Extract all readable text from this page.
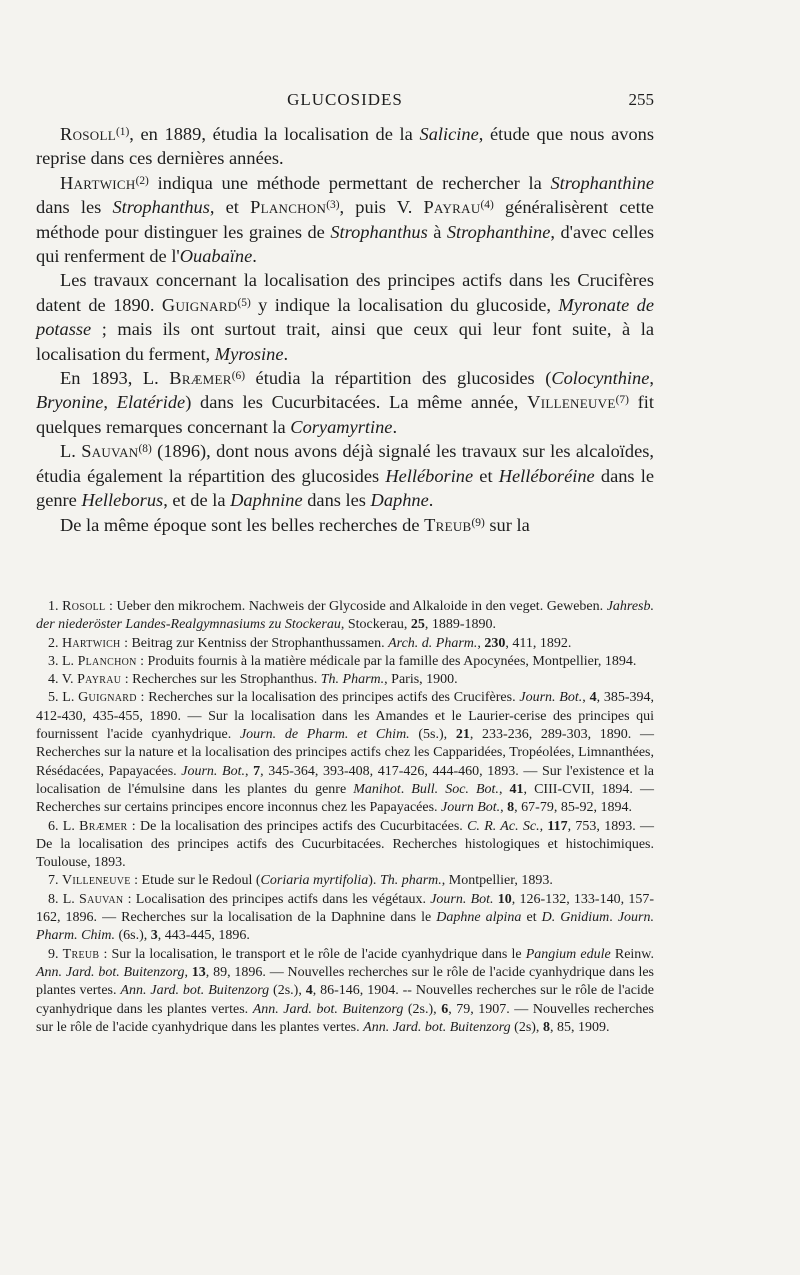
GLUCOSIDES	255

Rosoll$^{(1)}$, en 1889, étudia la localisation de la Salicine, étude que nous avons reprise dans ces dernières années.

Hartwich$^{(2)}$ indiqua une méthode permettant de rechercher la Strophanthine dans les Strophanthus, et Planchon$^{(3)}$, puis V. Payrau$^{(4)}$ généralisèrent cette méthode pour distinguer les graines de Strophanthus à Strophanthine, d'avec celles qui renferment de l'Ouabaïne.

Les travaux concernant la localisation des principes actifs dans les Crucifères datent de 1890. Guignard$^{(5)}$ y indique la localisation du glucoside, Myronate de potasse ; mais ils ont surtout trait, ainsi que ceux qui leur font suite, à la localisation du ferment, Myrosine.

En 1893, L. Bræmer$^{(6)}$ étudia la répartition des glucosides (Colocynthine, Bryonine, Elatéride) dans les Cucurbitacées. La même année, Villeneuve$^{(7)}$ fit quelques remarques concernant la Coryamyrtine.

L. Sauvan$^{(8)}$ (1896), dont nous avons déjà signalé les travaux sur les alcaloïdes, étudia également la répartition des glucosides Helléborine et Helléboréine dans le genre Helleborus, et de la Daphnine dans les Daphne.

De la même époque sont les belles recherches de Treub$^{(9)}$ sur la

1. Rosoll : Ueber den mikrochem. Nachweis der Glycoside and Alkaloide in den veget. Geweben. Jahresb. der niederöster Landes-Realgymnasiums zu Stockerau, Stockerau, 25, 1889-1890.

2. Hartwich : Beitrag zur Kentniss der Strophanthussamen. Arch. d. Pharm., 230, 411, 1892.

3. L. Planchon : Produits fournis à la matière médicale par la famille des Apocynées, Montpellier, 1894.

4. V. Payrau : Recherches sur les Strophanthus. Th. Pharm., Paris, 1900.

5. L. Guignard : Recherches sur la localisation des principes actifs des Crucifères. Journ. Bot., 4, 385-394, 412-430, 435-455, 1890. — Sur la localisation dans les Amandes et le Laurier-cerise des principes qui fournissent l'acide cyanhydrique. Journ. de Pharm. et Chim. (5s.), 21, 233-236, 289-303, 1890. — Recherches sur la nature et la localisation des principes actifs chez les Capparidées, Tropéolées, Limnanthées, Résédacées, Papayacées. Journ. Bot., 7, 345-364, 393-408, 417-426, 444-460, 1893. — Sur l'existence et la localisation de l'émulsine dans les plantes du genre Manihot. Bull. Soc. Bot., 41, CIII-CVII, 1894. — Recherches sur certains principes encore inconnus chez les Papayacées. Journ Bot., 8, 67-79, 85-92, 1894.

6. L. Bræmer : De la localisation des principes actifs des Cucurbitacées. C. R. Ac. Sc., 117, 753, 1893. — De la localisation des principes actifs des Cucurbitacées. Recherches histologiques et histochimiques. Toulouse, 1893.

7. Villeneuve : Etude sur le Redoul (Coriaria myrtifolia). Th. pharm., Montpellier, 1893.

8. L. Sauvan : Localisation des principes actifs dans les végétaux. Journ. Bot. 10, 126-132, 133-140, 157-162, 1896. — Recherches sur la localisation de la Daphnine dans le Daphne alpina et D. Gnidium. Journ. Pharm. Chim. (6s.), 3, 443-445, 1896.

9. Treub : Sur la localisation, le transport et le rôle de l'acide cyanhydrique dans le Pangium edule Reinw. Ann. Jard. bot. Buitenzorg, 13, 89, 1896. — Nouvelles recherches sur le rôle de l'acide cyanhydrique dans les plantes vertes. Ann. Jard. bot. Buitenzorg (2s.), 4, 86-146, 1904. -- Nouvelles recherches sur le rôle de l'acide cyanhydrique dans les plantes vertes. Ann. Jard. bot. Buitenzorg (2s.), 6, 79, 1907. — Nouvelles recherches sur le rôle de l'acide cyanhydrique dans les plantes vertes. Ann. Jard. bot. Buitenzorg (2s), 8, 85, 1909.
